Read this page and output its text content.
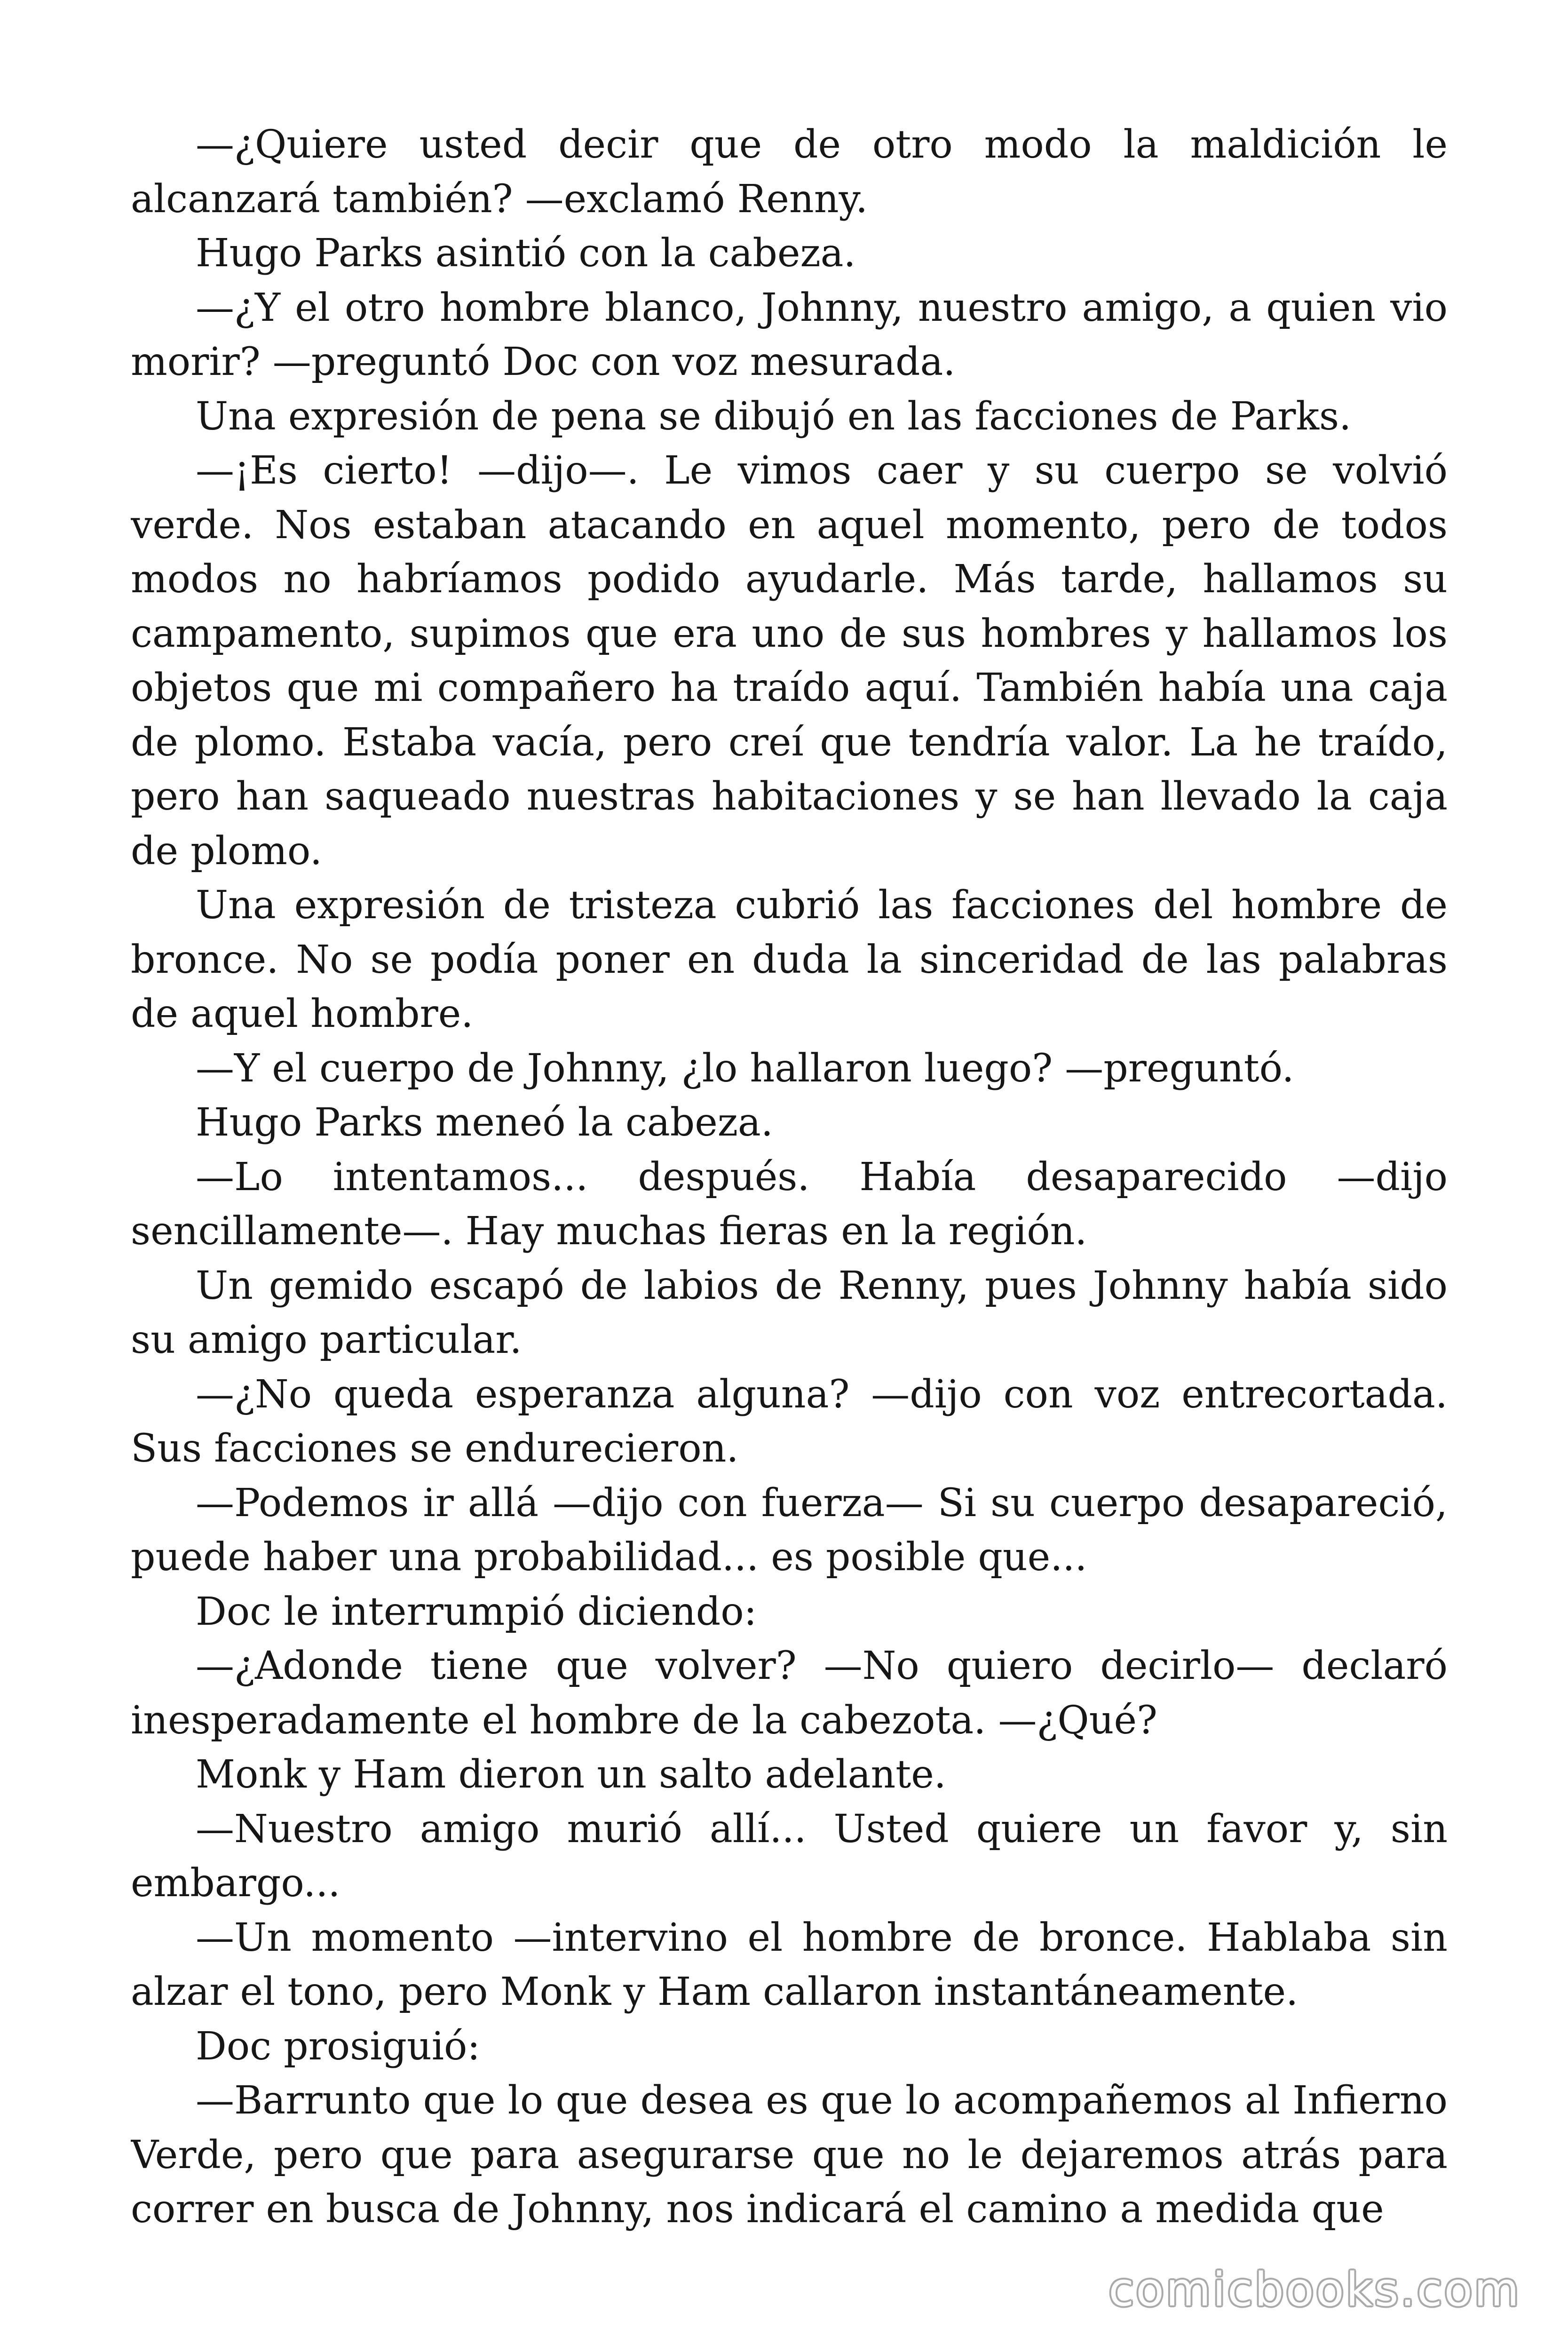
—¿Quiere usted decir que de otro modo la maldición le alcanzará también? —exclamó Renny.

Hugo Parks asintió con la cabeza.

—¿Y el otro hombre blanco, Johnny, nuestro amigo, a quien vio morir? —preguntó Doc con voz mesurada.

Una expresión de pena se dibujó en las facciones de Parks.

—¡Es cierto! —dijo—. Le vimos caer y su cuerpo se volvió verde. Nos estaban atacando en aquel momento, pero de todos modos no habríamos podido ayudarle. Más tarde, hallamos su campamento, supimos que era uno de sus hombres y hallamos los objetos que mi compañero ha traído aquí. También había una caja de plomo. Estaba vacía, pero creí que tendría valor. La he traído, pero han saqueado nuestras habitaciones y se han llevado la caja de plomo.

Una expresión de tristeza cubrió las facciones del hombre de bronce. No se podía poner en duda la sinceridad de las palabras de aquel hombre.

—Y el cuerpo de Johnny, ¿lo hallaron luego? —preguntó.

Hugo Parks meneó la cabeza.

—Lo intentamos... después. Había desaparecido —dijo sencillamente—. Hay muchas fieras en la región.

Un gemido escapó de labios de Renny, pues Johnny había sido su amigo particular.

—¿No queda esperanza alguna? —dijo con voz entrecortada. Sus facciones se endurecieron.

—Podemos ir allá —dijo con fuerza— Si su cuerpo desapareció, puede haber una probabilidad... es posible que...

Doc le interrumpió diciendo:

—¿Adonde tiene que volver? —No quiero decirlo— declaró inesperadamente el hombre de la cabezota. —¿Qué?

Monk y Ham dieron un salto adelante.

—Nuestro amigo murió allí... Usted quiere un favor y, sin embargo...

—Un momento —intervino el hombre de bronce. Hablaba sin alzar el tono, pero Monk y Ham callaron instantáneamente.

Doc prosiguió:

—Barrunto que lo que desea es que lo acompañemos al Infierno Verde, pero que para asegurarse que no le dejaremos atrás para correr en busca de Johnny, nos indicará el camino a medida que

comicbooks.com
